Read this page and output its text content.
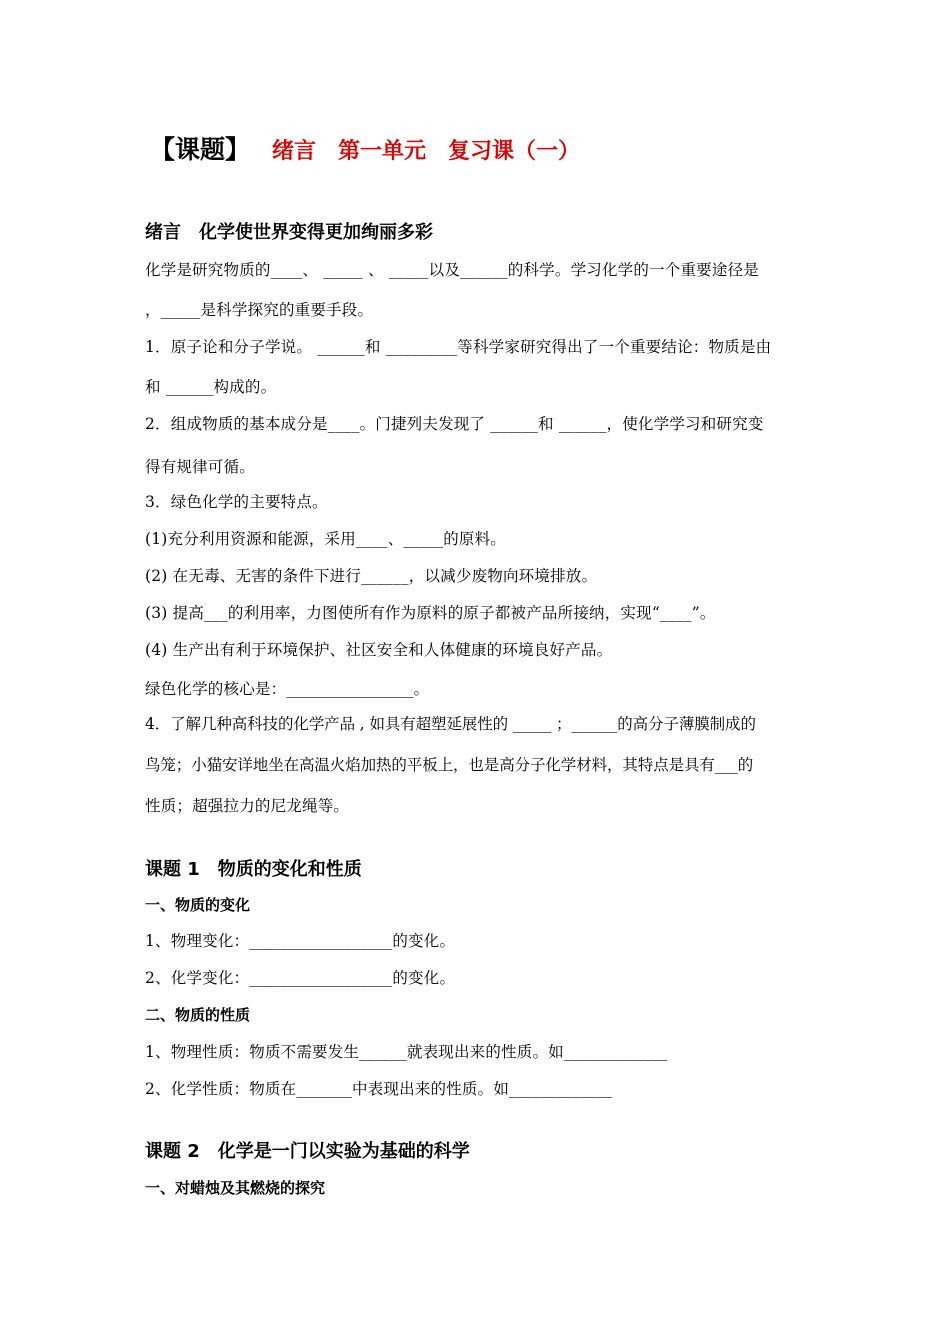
【课题】 绪言　第一单元　复习课（一）
绪言　化学使世界变得更加绚丽多彩
化学是研究物质的____、 _____ 、 _____以及______的科学。学习化学的一个重要途径是
，_____是科学探究的重要手段。
1．原子论和分子学说。 ______和 _________等科学家研究得出了一个重要结论：物质是由
和 ______构成的。
2．组成物质的基本成分是____。门捷列夫发现了 ______和 ______，使化学学习和研究变
得有规律可循。
3．绿色化学的主要特点。
(1)充分利用资源和能源，采用____、_____的原料。
(2) 在无毒、无害的条件下进行______，以减少废物向环境排放。
(3) 提高___的利用率，力图使所有作为原料的原子都被产品所接纳，实现“____”。
(4) 生产出有利于环境保护、社区安全和人体健康的环境良好产品。
绿色化学的核心是：________________。
4．了解几种高科技的化学产品 , 如具有超塑延展性的 _____ ；______的高分子薄膜制成的
鸟笼；小猫安详地坐在高温火焰加热的平板上，也是高分子化学材料，其特点是具有___的
性质；超强拉力的尼龙绳等。
课题 1　物质的变化和性质
一、物质的变化
1、物理变化：__________________的变化。
2、化学变化：__________________的变化。
二、物质的性质
1、物理性质：物质不需要发生______就表现出来的性质。如_____________
2、化学性质：物质在_______中表现出来的性质。如_____________
课题 2　化学是一门以实验为基础的科学
一、对蜡烛及其燃烧的探究
